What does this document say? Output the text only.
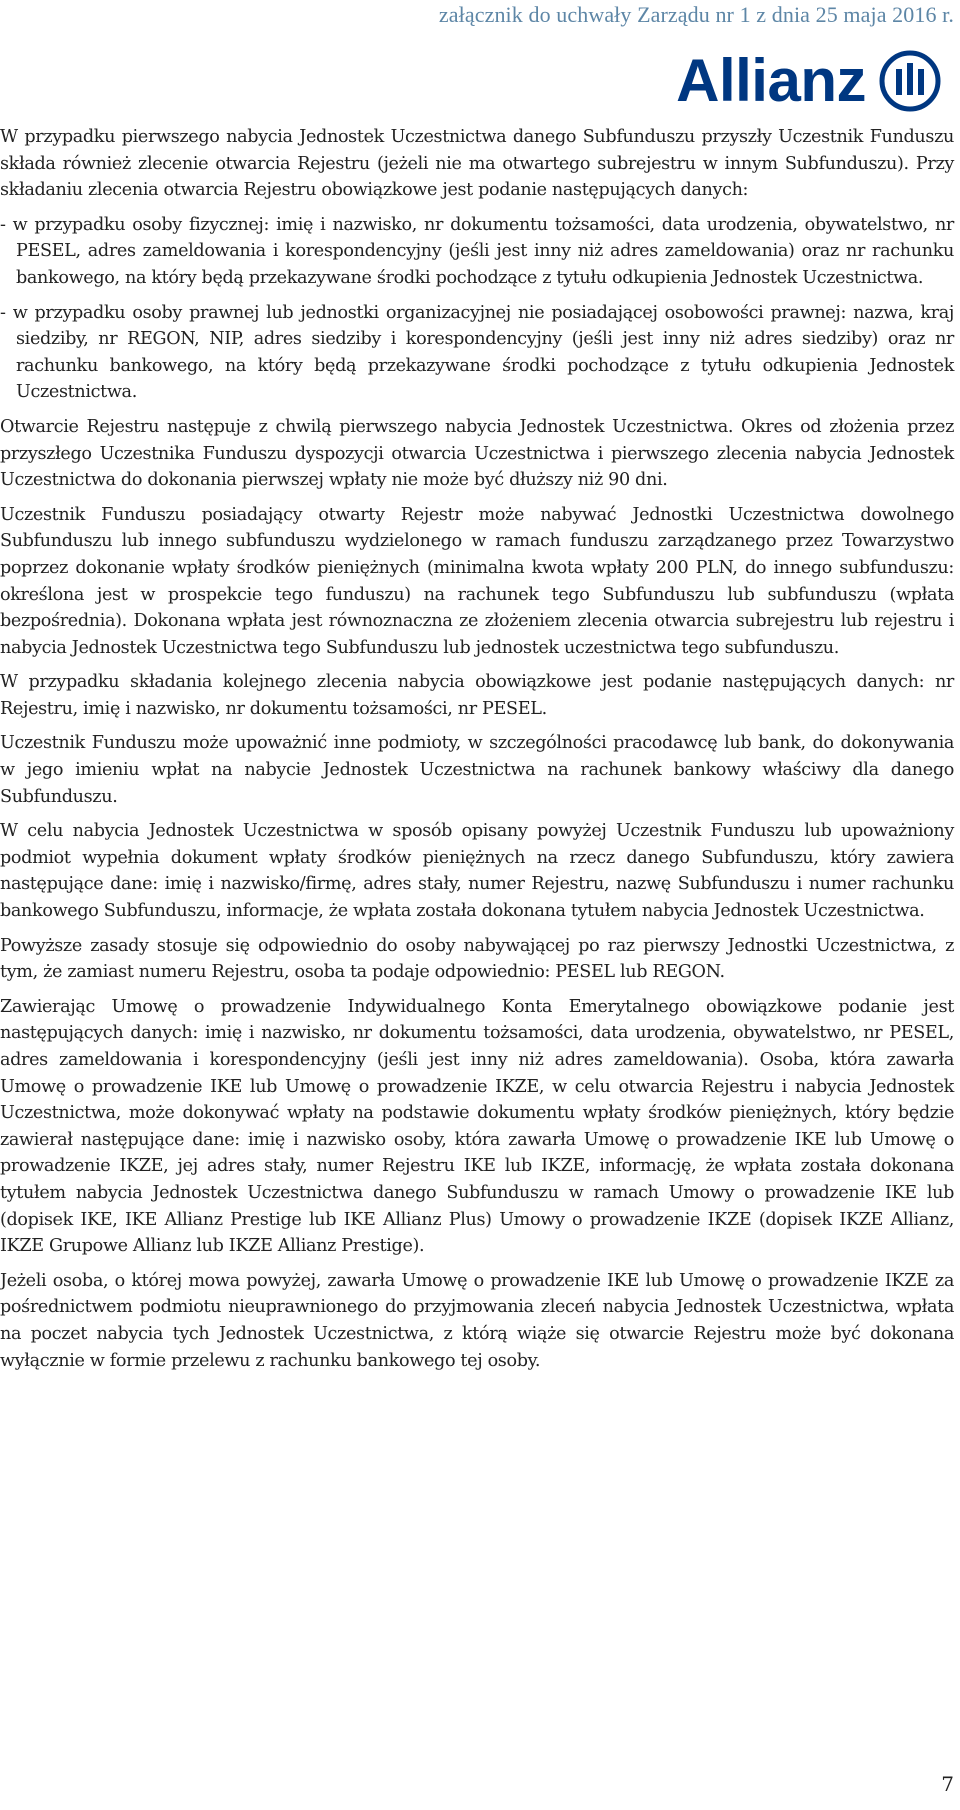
załącznik do uchwały Zarządu nr 1 z dnia 25 maja 2016 r.
Allianz

W przypadku pierwszego nabycia Jednostek Uczestnictwa danego Subfunduszu przyszły Uczestnik Funduszu składa również zlecenie otwarcia Rejestru (jeżeli nie ma otwartego subrejestru w innym Subfunduszu). Przy składaniu zlecenia otwarcia Rejestru obowiązkowe jest podanie następujących danych:

- w przypadku osoby fizycznej: imię i nazwisko, nr dokumentu tożsamości, data urodzenia, obywatelstwo, nr PESEL, adres zameldowania i korespondencyjny (jeśli jest inny niż adres zameldowania) oraz nr rachunku bankowego, na który będą przekazywane środki pochodzące z tytułu odkupienia Jednostek Uczestnictwa.

- w przypadku osoby prawnej lub jednostki organizacyjnej nie posiadającej osobowości prawnej: nazwa, kraj siedziby, nr REGON, NIP, adres siedziby i korespondencyjny (jeśli jest inny niż adres siedziby) oraz nr rachunku bankowego, na który będą przekazywane środki pochodzące z tytułu odkupienia Jednostek Uczestnictwa.

Otwarcie Rejestru następuje z chwilą pierwszego nabycia Jednostek Uczestnictwa. Okres od złożenia przez przyszłego Uczestnika Funduszu dyspozycji otwarcia Uczestnictwa i pierwszego zlecenia nabycia Jednostek Uczestnictwa do dokonania pierwszej wpłaty nie może być dłuższy niż 90 dni.

Uczestnik Funduszu posiadający otwarty Rejestr może nabywać Jednostki Uczestnictwa dowolnego Subfunduszu lub innego subfunduszu wydzielonego w ramach funduszu zarządzanego przez Towarzystwo poprzez dokonanie wpłaty środków pieniężnych (minimalna kwota wpłaty 200 PLN, do innego subfunduszu: określona jest w prospekcie tego funduszu) na rachunek tego Subfunduszu lub subfunduszu (wpłata bezpośrednia). Dokonana wpłata jest równoznaczna ze złożeniem zlecenia otwarcia subrejestru lub rejestru i nabycia Jednostek Uczestnictwa tego Subfunduszu lub jednostek uczestnictwa tego subfunduszu.

W przypadku składania kolejnego zlecenia nabycia obowiązkowe jest podanie następujących danych: nr Rejestru, imię i nazwisko, nr dokumentu tożsamości, nr PESEL.

Uczestnik Funduszu może upoważnić inne podmioty, w szczególności pracodawcę lub bank, do dokonywania w jego imieniu wpłat na nabycie Jednostek Uczestnictwa na rachunek bankowy właściwy dla danego Subfunduszu.

W celu nabycia Jednostek Uczestnictwa w sposób opisany powyżej Uczestnik Funduszu lub upoważniony podmiot wypełnia dokument wpłaty środków pieniężnych na rzecz danego Subfunduszu, który zawiera następujące dane: imię i nazwisko/firmę, adres stały, numer Rejestru, nazwę Subfunduszu i numer rachunku bankowego Subfunduszu, informacje, że wpłata została dokonana tytułem nabycia Jednostek Uczestnictwa.

Powyższe zasady stosuje się odpowiednio do osoby nabywającej po raz pierwszy Jednostki Uczestnictwa, z tym, że zamiast numeru Rejestru, osoba ta podaje odpowiednio: PESEL lub REGON.

Zawierając Umowę o prowadzenie Indywidualnego Konta Emerytalnego obowiązkowe podanie jest następujących danych: imię i nazwisko, nr dokumentu tożsamości, data urodzenia, obywatelstwo, nr PESEL, adres zameldowania i korespondencyjny (jeśli jest inny niż adres zameldowania). Osoba, która zawarła Umowę o prowadzenie IKE lub Umowę o prowadzenie IKZE, w celu otwarcia Rejestru i nabycia Jednostek Uczestnictwa, może dokonywać wpłaty na podstawie dokumentu wpłaty środków pieniężnych, który będzie zawierał następujące dane: imię i nazwisko osoby, która zawarła Umowę o prowadzenie IKE lub Umowę o prowadzenie IKZE, jej adres stały, numer Rejestru IKE lub IKZE, informację, że wpłata została dokonana tytułem nabycia Jednostek Uczestnictwa danego Subfunduszu w ramach Umowy o prowadzenie IKE lub (dopisek IKE, IKE Allianz Prestige lub IKE Allianz Plus) Umowy o prowadzenie IKZE (dopisek IKZE Allianz, IKZE Grupowe Allianz lub IKZE Allianz Prestige).

Jeżeli osoba, o której mowa powyżej, zawarła Umowę o prowadzenie IKE lub Umowę o prowadzenie IKZE za pośrednictwem podmiotu nieuprawnionego do przyjmowania zleceń nabycia Jednostek Uczestnictwa, wpłata na poczet nabycia tych Jednostek Uczestnictwa, z którą wiąże się otwarcie Rejestru może być dokonana wyłącznie w formie przelewu z rachunku bankowego tej osoby.

7
